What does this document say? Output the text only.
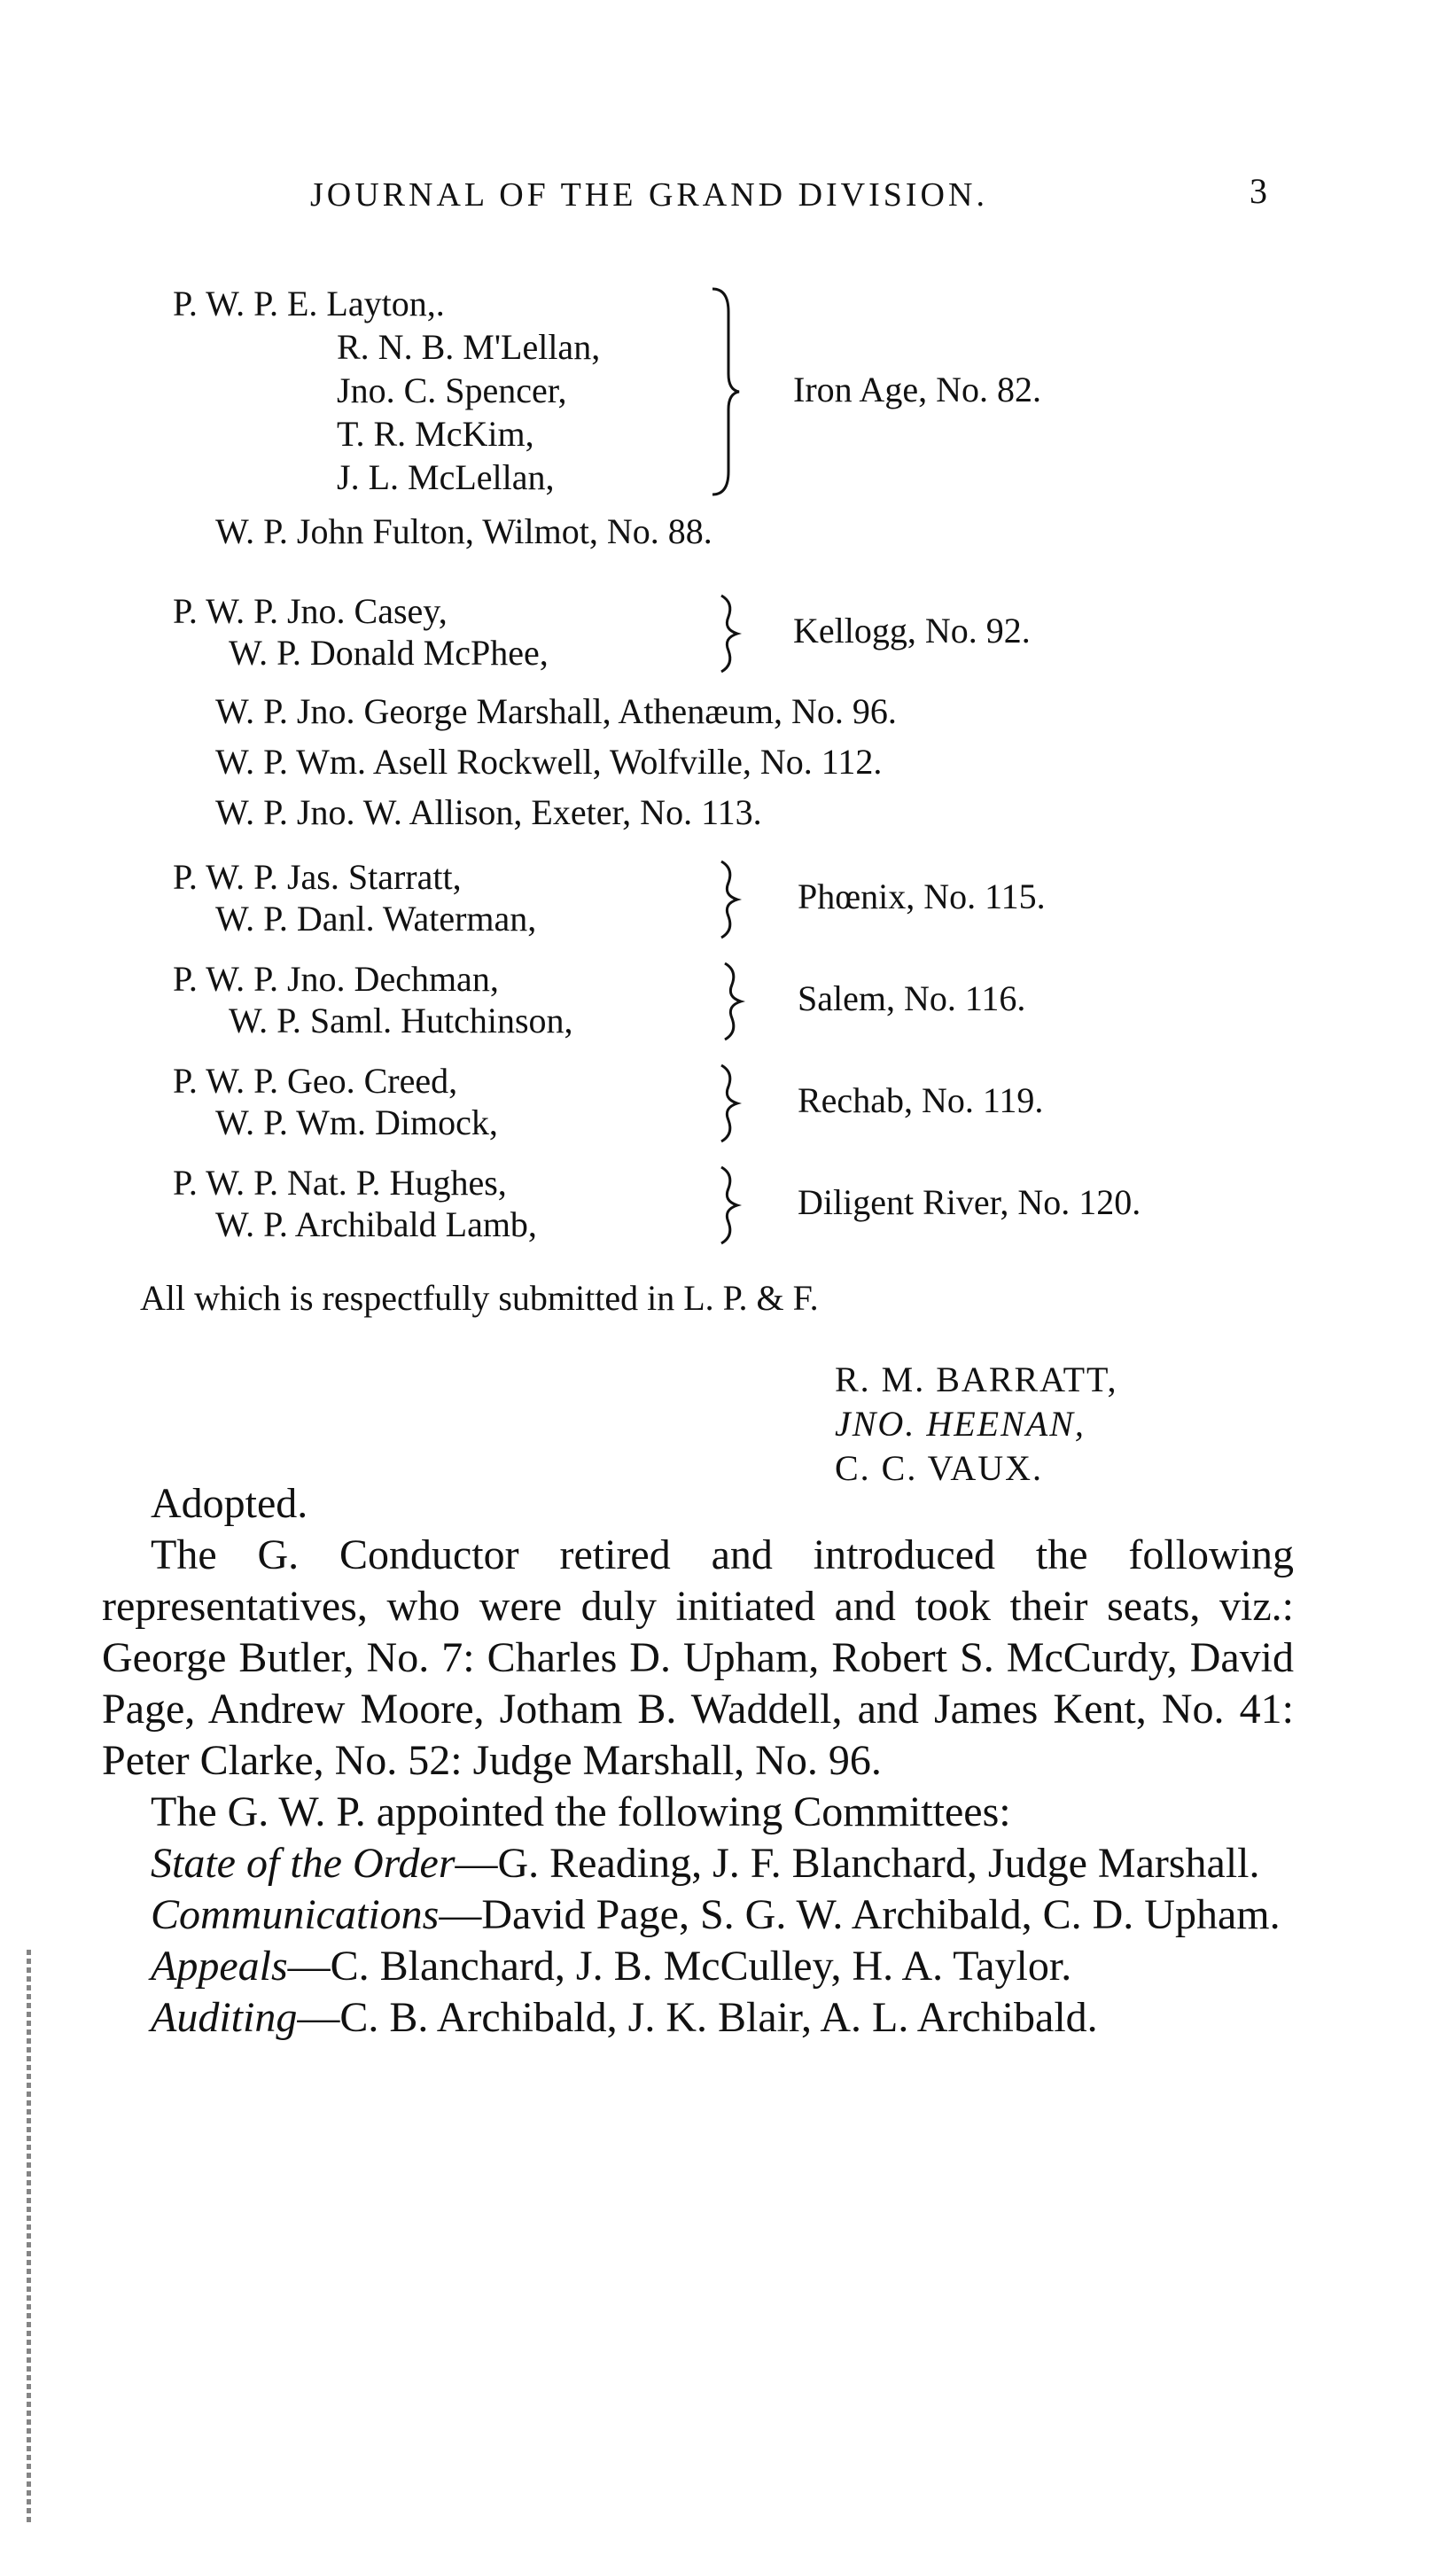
JOURNAL OF THE GRAND DIVISION.	3
P. W. P. E. Layton,.
R. N. B. M'Lellan,
Jno. C. Spencer,
T. R. McKim,
J. L. McLellan,
Iron Age, No. 82.
W. P. John Fulton, Wilmot, No. 88.
P. W. P. Jno. Casey,
W. P. Donald McPhee,
Kellogg, No. 92.
W. P. Jno. George Marshall, Athenæum, No. 96.
W. P. Wm. Asell Rockwell, Wolfville, No. 112.
W. P. Jno. W. Allison, Exeter, No. 113.
P. W. P. Jas. Starratt,
W. P. Danl. Waterman,
Phœnix, No. 115.
P. W. P. Jno. Dechman,
W. P. Saml. Hutchinson,
Salem, No. 116.
P. W. P. Geo. Creed,
W. P. Wm. Dimock,
Rechab, No. 119.
P. W. P. Nat. P. Hughes,
W. P. Archibald Lamb,
Diligent River, No. 120.
All which is respectfully submitted in L. P. & F.
R. M. BARRATT,
JNO. HEENAN,
C. C. VAUX.

Adopted.

The G. Conductor retired and introduced the following representatives, who were duly initiated and took their seats, viz.: George Butler, No. 7: Charles D. Upham, Robert S. McCurdy, David Page, Andrew Moore, Jotham B. Waddell, and James Kent, No. 41: Peter Clarke, No. 52: Judge Marshall, No. 96.

The G. W. P. appointed the following Committees:

State of the Order—G. Reading, J. F. Blanchard, Judge Marshall.

Communications—David Page, S. G. W. Archibald, C. D. Upham.

Appeals—C. Blanchard, J. B. McCulley, H. A. Taylor.

Auditing—C. B. Archibald, J. K. Blair, A. L. Archibald.
